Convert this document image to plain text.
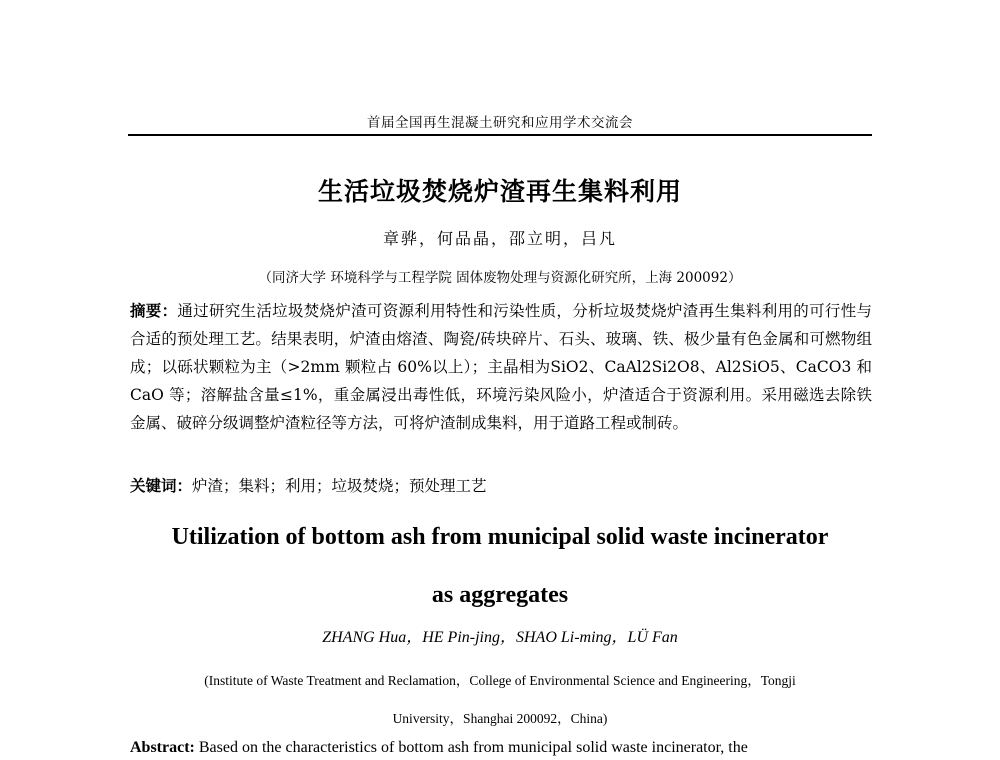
首届全国再生混凝土研究和应用学术交流会
生活垃圾焚烧炉渣再生集料利用
章骅，何品晶，邵立明，吕凡
（同济大学 环境科学与工程学院 固体废物处理与资源化研究所，上海 200092）
摘要：通过研究生活垃圾焚烧炉渣可资源利用特性和污染性质，分析垃圾焚烧炉渣再生集料利用的可行性与合适的预处理工艺。结果表明，炉渣由熔渣、陶瓷/砖块碎片、石头、玻璃、铁、极少量有色金属和可燃物组成；以砾状颗粒为主（>2mm 颗粒占 60%以上）；主晶相为SiO2、CaAl2Si2O8、Al2SiO5、CaCO3 和 CaO 等；溶解盐含量≤1%，重金属浸出毒性低，环境污染风险小，炉渣适合于资源利用。采用磁选去除铁金属、破碎分级调整炉渣粒径等方法，可将炉渣制成集料，用于道路工程或制砖。
关键词：炉渣；集料；利用；垃圾焚烧；预处理工艺
Utilization of bottom ash from municipal solid waste incinerator
as aggregates
ZHANG Hua，HE Pin-jing，SHAO Li-ming，LÜ Fan
(Institute of Waste Treatment and Reclamation，College of Environmental Science and Engineering，Tongji
University，Shanghai 200092，China)
Abstract: Based on the characteristics of bottom ash from municipal solid waste incinerator, the
